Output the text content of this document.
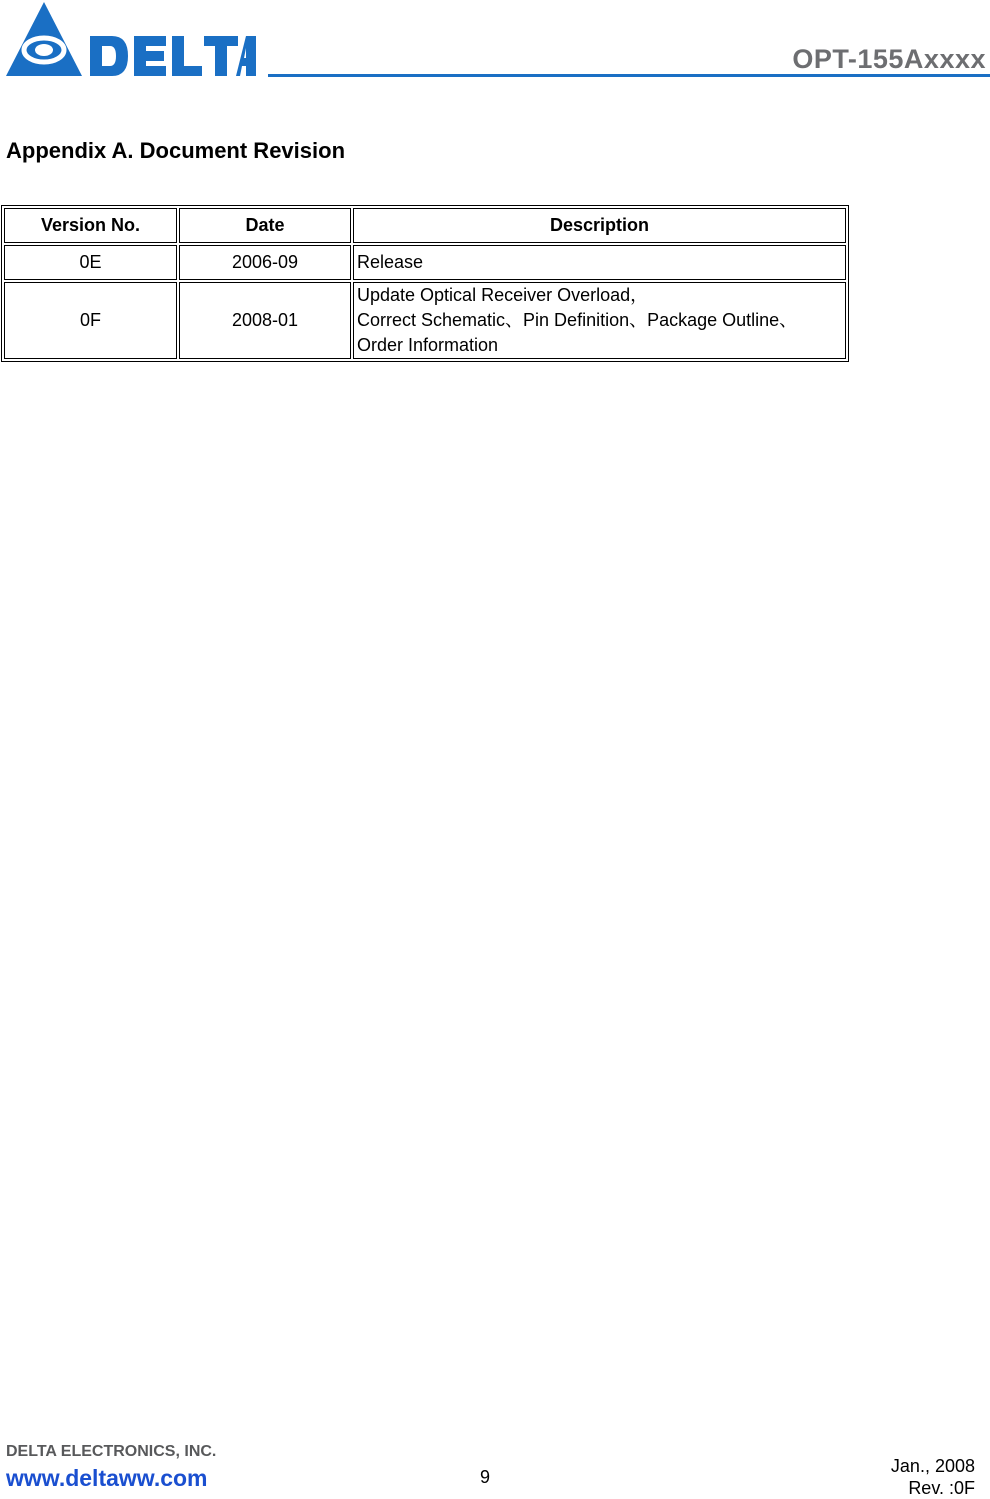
DELTA
OPT-155Axxxx
Appendix A. Document Revision
Version No.	Date	Description
0E	2006-09	Release

0F	2008-01	Update Optical Receiver Overload，
Correct Schematic、Pin Definition、Package Outline、
Order Information
DELTA ELECTRONICS, INC.
www.deltaww.com	9
Jan., 2008
Rev. :0F
